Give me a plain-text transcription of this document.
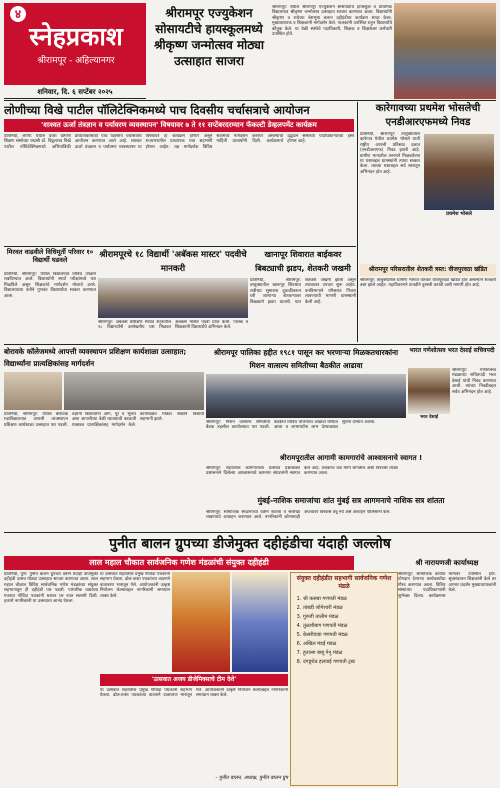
४
स्नेहप्रकाश
श्रीरामपूर - अहिल्यानगर
शनिवार, दि. ६ सप्टेंबर २०२५
श्रीरामपूर एज्युकेशन सोसायटीचे हायस्कूलमध्ये श्रीकृष्ण जन्मोत्सव मोठ्या उत्साहात साजरा
श्रीरामपूर: येथील श्रीरामपूर एज्युकेशन सोसायटीचे हायस्कूल व प्राथमिक विद्यालयात श्रीकृष्ण जन्मोत्सव उत्साहात साजरा करण्यात आला. विद्यार्थ्यांनी श्रीकृष्ण व राधेच्या वेशभूषा करून दहीहंडीचा कार्यक्रम सादर केला. मुख्याध्यापक व शिक्षकांनी मार्गदर्शन केले. पालकांनी उपस्थित राहून विद्यार्थ्यांचे कौतुक केले. या वेळी संस्थेचे पदाधिकारी, शिक्षक व शिक्षकेतर कर्मचारी उपस्थित होते.
लोणीच्या विखे पाटील पॉलिटेक्निकमध्ये पाच दिवसीय चर्चासत्राचे आयोजन
'शाश्वत ऊर्जा तंत्रज्ञान व पर्यावरण व्यवस्थापन' विषयावर ७ ते ११ सप्टेंबरदरम्यान फॅकल्टी डेव्हलपमेंट कार्यक्रम
प्रतिनिधी, लोणी: येथील प्रवरा ग्रामीण शिक्षण संस्थेच्या पद्मश्री डॉ. विठ्ठलराव विखे पाटील पॉलिटेक्निकमध्ये अभियांत्रिकी प्राध्यापकांसाठी पाच दिवसीय चर्चासत्राचे आयोजन करण्यात आले आहे. शाश्वत ऊर्जा तंत्रज्ञान व पर्यावरण व्यवस्थापन या विषयावर हा कार्यक्रम होणार असून राज्यभरातील प्राध्यापक यात सहभागी होणार आहेत. तज्ञ मार्गदर्शक विविध सत्रांमध्ये मार्गदर्शन करणार असल्याची माहिती प्राचार्यांनी दिली. कार्यक्रमाचे उद्घाटन संस्थेच्या पदाधिकाऱ्यांच्या हस्ते होणार आहे.
कारेगावच्या प्रथमेश भोसलेची एनडीआरएफमध्ये निवड
प्रतिनिधी, श्रीरामपूर: तालुक्यातील कारेगाव येथील प्रथमेश भोसले याची राष्ट्रीय आपत्ती प्रतिसाद दलात (एनडीआरएफ) निवड झाली आहे. ग्रामीण भागातील तरुणाने मिळवलेल्या या यशाबद्दल ग्रामस्थांनी त्याचा सत्कार केला. त्याच्या यशाबद्दल सर्व स्तरातून अभिनंदन होत आहे.
प्रथमेश भोसले
मिरवत वाढवीले विधिमूर्ती परिवार १० विद्यार्थी घडवले
प्रतिनिधी, श्रीरामपूर: येथील विद्यालयात विविध उपक्रम राबविण्यात आले. विद्यार्थ्यांनी स्पर्धा परीक्षांमध्ये यश मिळविले असून शिक्षकांचे मार्गदर्शन मोलाचे ठरले. विद्यालयाच्या वतीने गुणवंत विद्यार्थ्यांचा सत्कार करण्यात आला.
श्रीरामपूरचे १८ विद्यार्थी 'अबॅकस मास्टर' पदवीचे मानकरी
श्रीरामपूर: अबॅकस प्रशिक्षण स्पर्धेत शहरातील १८ विद्यार्थ्यांनी उल्लेखनीय यश मिळवत अबॅकस मास्टर पदवी प्राप्त केली. पालक व शिक्षकांनी विद्यार्थ्यांचे अभिनंदन केले.
खानापूर शिवारात बाईकवर बिबट्याची झडप, शेतकरी जखमी
प्रतिनिधी, श्रीरामपूर: तालुक्यातील खानापूर शिवारात रात्रीच्या सुमारास दुचाकीवरून घरी जाणाऱ्या शेतकऱ्यावर बिबट्याने झडप घातली. यात शेतकरी जखमी झाला असून त्याच्यावर उपचार सुरू आहेत. वनविभागाने परिसरात पिंजरा लावण्याची मागणी ग्रामस्थांनी केली आहे.
श्रीरामपूर परिसरातील शेतकरी त्रस्त: वीजपुरवठा खंडित
श्रीरामपूर: तालुक्यातील ग्रामीण भागात वारंवार वीजपुरवठा खंडित होत असल्याने शेतकरी त्रस्त झाले आहेत. महावितरणने तातडीने दुरुस्ती करावी अशी मागणी होत आहे.
बोरावके कॉलेजमध्ये आपत्ती व्यवस्थापन प्रशिक्षण कार्यशाळा उत्साहात; विद्यार्थ्यांना प्रात्यक्षिकांसह मार्गदर्शन
प्रतिनिधी, श्रीरामपूर: येथील बोरावके महाविद्यालयात आपत्ती व्यवस्थापन प्रशिक्षण कार्यशाळा उत्साहात पार पडली. तज्ञांनी विद्यार्थ्यांना आग, पूर व भूकंप अशा आपत्तीच्या वेळी घ्यावयाची काळजी याबाबत प्रात्यक्षिकांसह मार्गदर्शन केले. कार्यशाळेत मोठ्या संख्येने विद्यार्थी सहभागी झाले.
श्रीरामपूर पालिका हद्दीत १९८१ पासून कर भरणाऱ्या मिळकतधारकांना मिशन वात्सल्य समितीच्या बैठकीत आढावा
श्रीरामपूर: मिशन वात्सल्य समितीची बैठक तहसील कार्यालयात पार पडली. बैठकीत विविध योजनांचा आढावा घेण्यात आला व लाभार्थ्यांना लाभ देण्याबाबत सूचना देण्यात आल्या.
भारत गणेशोत्सव भरत देसाई सचिवपदी
श्रीरामपूर: गणेशोत्सव मंडळाच्या सचिवपदी भरत देसाई यांची निवड करण्यात आली. त्यांच्या निवडीबद्दल सर्वत्र अभिनंदन होत आहे.
भरत देसाई
श्रीरामपूरातील आगामी कामगारांचे आश्वासनाचे स्वागत !
श्रीरामपूर: शहरातील कामगारांच्या प्रलंबित प्रश्नांबाबत प्रशासनाने दिलेल्या आश्वासनाचे कामगार संघटनांनी स्वागत केले आहे. लवकरच प्रश्न मार्गी लागतील असा विश्वास व्यक्त करण्यात आला.
मुंबई-नाशिक समाजांचा शांत मुंबई सत्र आगमनाचे नाशिक सत्र शांतता
श्रीरामपूर: सामाजिक संघटनांच्या वतीने शांतता व सलोखा राखण्याचे आवाहन करण्यात आले. नागरिकांनी कोणत्याही अफवांवर विश्वास ठेवू नये असे आवाहन पोलिसांनी केले.
पुनीत बालन ग्रुपच्या डीजेमुक्त दहीहंडीचा यंदाही जल्लोष
लाल महाल चौकात सार्वजनिक गणेश मंडळांची संयुक्त दहीहंडी
प्रतिनिधी, पुणे: पुनीत बालन ग्रुपच्या वतीने यंदाही डीजेमुक्त दहीहंडी उत्सव मोठ्या उत्साहात साजरा करण्यात आला. लाल महाल चौकात विविध सार्वजनिक गणेश मंडळांच्या संयुक्त सहभागातून ही दहीहंडी पार पडली. पारंपरिक वाद्यांच्या गजरात गोविंदा पथकांनी थरावर थर रचत सलामी दिली. हजारो नागरिकांनी या उत्सवाचा आनंद घेतला.
या उत्सवात शहरातील प्रमुख गोविंदा पथकांनी सहभाग घेतला. ढोल-ताशा पथकांच्या वादनाने वातावरण भारावून गेले. आयोजकांनी उत्कृष्ट नियोजन केल्याबद्दल नागरिकांनी समाधान व्यक्त केले.
'उत्सवात अजय डीजेमिक्साचे टीम देशे'
या उत्सवात शहरातील प्रमुख गोविंदा पथकांनी सहभाग घेतला. ढोल-ताशा पथकांच्या वादनाने वातावरण भारावून गेले. आयोजकांनी उत्कृष्ट नियोजन केल्याबद्दल नागरिकांनी समाधान व्यक्त केले.
- पुनीत बालन, अध्यक्ष, पुनीत बालन ग्रुप
संयुक्त दहीहंडीत सहभागी सार्वजनिक गणेश मंडळे
1. श्री कसबा गणपती मंडळ
2. तांबडी जोगेश्वरी मंडळ
3. गुरुजी तालीम मंडळ
4. तुळशीबाग गणपती मंडळ
5. केसरीवाडा गणपती मंडळ
6. अखिल मंडई मंडळ
7. हुतात्मा बाबू गेनू मंडळ
8. दगडूशेठ हलवाई गणपती ट्रस्ट
श्री नारायणजी कार्याध्यक्ष
श्रीरामपूर: सामाजिक कार्यात योगदान देणाऱ्या कार्यकर्त्यांचा गौरव करण्यात आला. विविध संस्थांच्या पदाधिकाऱ्यांनी शुभेच्छा दिल्या. कार्यक्रमास मान्यवर उपस्थित होते. सूत्रसंचालन शिक्षकांनी केले तर आभार प्रदर्शन मुख्याध्यापकांनी केले.
